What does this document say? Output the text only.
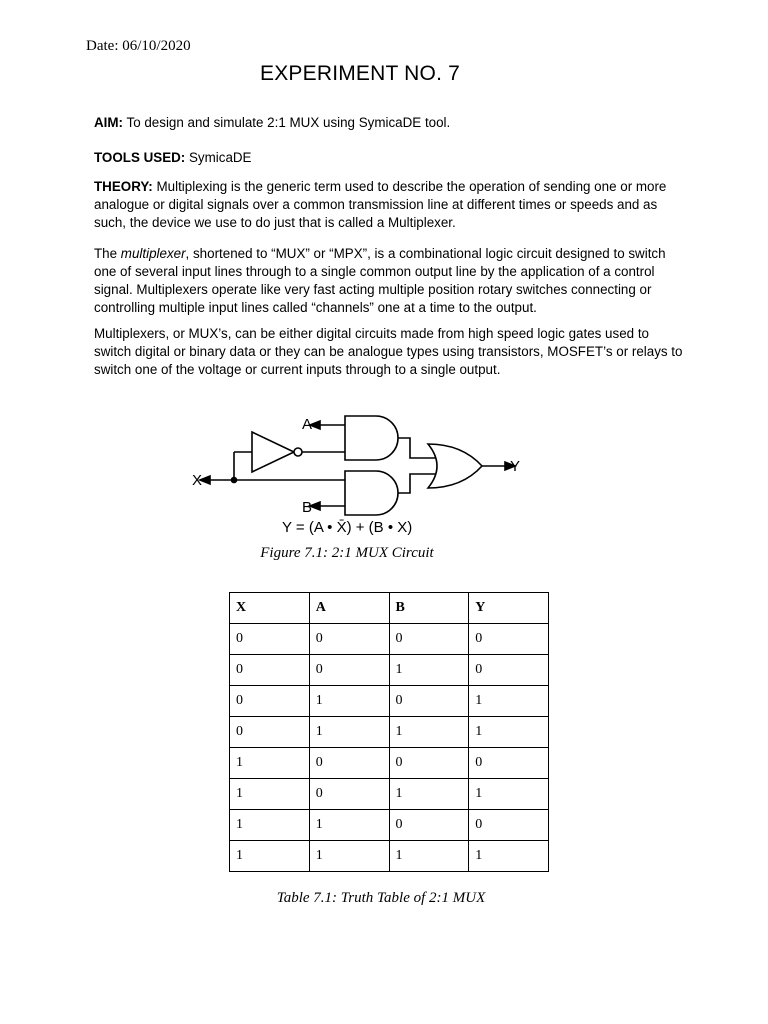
Date: 06/10/2020
EXPERIMENT NO. 7
AIM: To design and simulate 2:1 MUX using SymicaDE tool.
TOOLS USED: SymicaDE
THEORY: Multiplexing is the generic term used to describe the operation of sending one or more analogue or digital signals over a common transmission line at different times or speeds and as such, the device we use to do just that is called a Multiplexer.
The multiplexer, shortened to “MUX” or “MPX”, is a combinational logic circuit designed to switch one of several input lines through to a single common output line by the application of a control signal. Multiplexers operate like very fast acting multiple position rotary switches connecting or controlling multiple input lines called “channels” one at a time to the output.
Multiplexers, or MUX’s, can be either digital circuits made from high speed logic gates used to switch digital or binary data or they can be analogue types using transistors, MOSFET’s or relays to switch one of the voltage or current inputs through to a single output.
A
X
B
Y
Y = (A • X̄) + (B • X)
Figure 7.1: 2:1 MUX Circuit
X	A	B	Y
0	0	0	0
0	0	1	0
0	1	0	1
0	1	1	1
1	0	0	0
1	0	1	1
1	1	0	0
1	1	1	1
Table 7.1: Truth Table of 2:1 MUX
